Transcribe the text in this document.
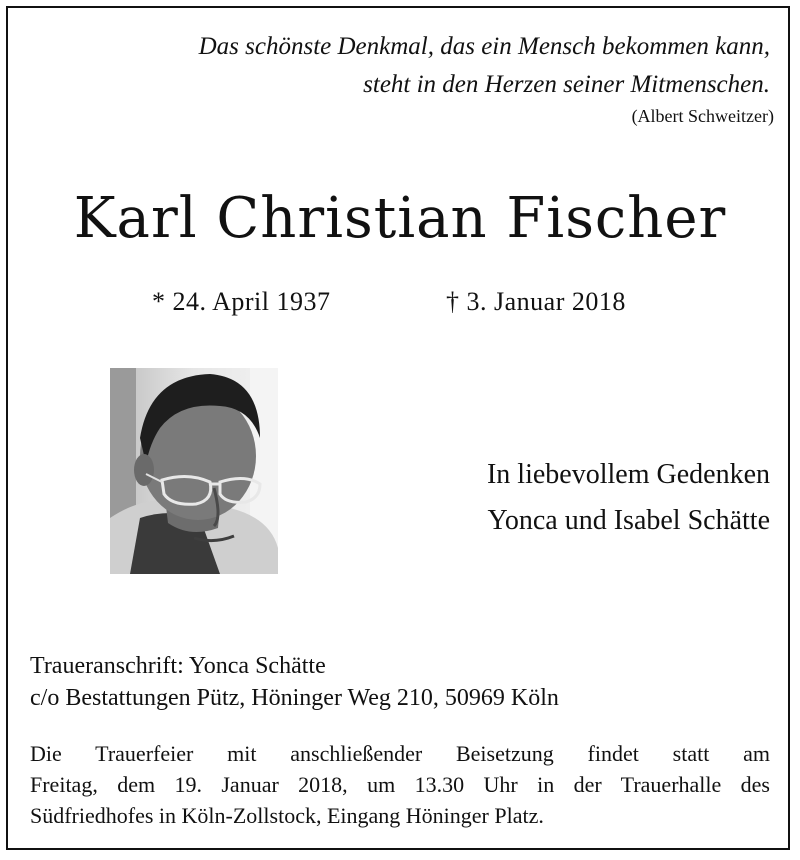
Das schönste Denkmal, das ein Mensch bekommen kann,
steht in den Herzen seiner Mitmenschen.
(Albert Schweitzer)
Karl Christian Fischer
* 24. April 1937	† 3. Januar 2018
In liebevollem Gedenken
Yonca und Isabel Schätte
Traueranschrift: Yonca Schätte
c/o Bestattungen Pütz, Höninger Weg 210, 50969 Köln
Die Trauerfeier mit anschließender Beisetzung findet statt am
Freitag, dem 19. Januar 2018, um 13.30 Uhr in der Trauerhalle des
Südfriedhofes in Köln-Zollstock, Eingang Höninger Platz.
